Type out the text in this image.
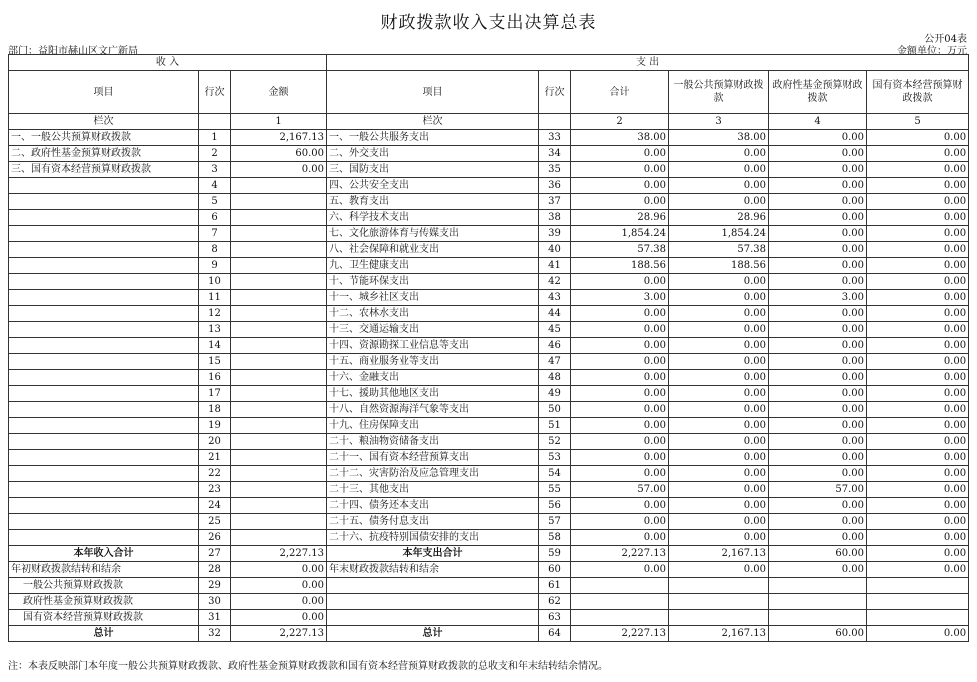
财政拨款收入支出决算总表
公开04表
部门：益阳市赫山区文广新局	金额单位：万元
收 入			支 出					
项目	行次	金额	项目	行次	合计	一般公共预算财政拨款	政府性基金预算财政拨款	国有资本经营预算财政拨款
栏次		1	栏次		2	3	4	5
一、一般公共预算财政拨款	1	2,167.13	一、一般公共服务支出	33	38.00	38.00	0.00	0.00
二、政府性基金预算财政拨款	2	60.00	二、外交支出	34	0.00	0.00	0.00	0.00
三、国有资本经营预算财政拨款	3	0.00	三、国防支出	35	0.00	0.00	0.00	0.00
	4		四、公共安全支出	36	0.00	0.00	0.00	0.00
	5		五、教育支出	37	0.00	0.00	0.00	0.00
	6		六、科学技术支出	38	28.96	28.96	0.00	0.00
	7		七、文化旅游体育与传媒支出	39	1,854.24	1,854.24	0.00	0.00
	8		八、社会保障和就业支出	40	57.38	57.38	0.00	0.00
	9		九、卫生健康支出	41	188.56	188.56	0.00	0.00
	10		十、节能环保支出	42	0.00	0.00	0.00	0.00
	11		十一、城乡社区支出	43	3.00	0.00	3.00	0.00
	12		十二、农林水支出	44	0.00	0.00	0.00	0.00
	13		十三、交通运输支出	45	0.00	0.00	0.00	0.00
	14		十四、资源勘探工业信息等支出	46	0.00	0.00	0.00	0.00
	15		十五、商业服务业等支出	47	0.00	0.00	0.00	0.00
	16		十六、金融支出	48	0.00	0.00	0.00	0.00
	17		十七、援助其他地区支出	49	0.00	0.00	0.00	0.00
	18		十八、自然资源海洋气象等支出	50	0.00	0.00	0.00	0.00
	19		十九、住房保障支出	51	0.00	0.00	0.00	0.00
	20		二十、粮油物资储备支出	52	0.00	0.00	0.00	0.00
	21		二十一、国有资本经营预算支出	53	0.00	0.00	0.00	0.00
	22		二十二、灾害防治及应急管理支出	54	0.00	0.00	0.00	0.00
	23		二十三、其他支出	55	57.00	0.00	57.00	0.00
	24		二十四、债务还本支出	56	0.00	0.00	0.00	0.00
	25		二十五、债务付息支出	57	0.00	0.00	0.00	0.00
	26		二十六、抗疫特别国债安排的支出	58	0.00	0.00	0.00	0.00
本年收入合计	27	2,227.13	本年支出合计	59	2,227.13	2,167.13	60.00	0.00
年初财政拨款结转和结余	28	0.00	年末财政拨款结转和结余	60	0.00	0.00	0.00	0.00
一般公共预算财政拨款	29	0.00		61				
政府性基金预算财政拨款	30	0.00		62				
国有资本经营预算财政拨款	31	0.00		63				
总计	32	2,227.13	总计	64	2,227.13	2,167.13	60.00	0.00
注：本表反映部门本年度一般公共预算财政拨款、政府性基金预算财政拨款和国有资本经营预算财政拨款的总收支和年末结转结余情况。
